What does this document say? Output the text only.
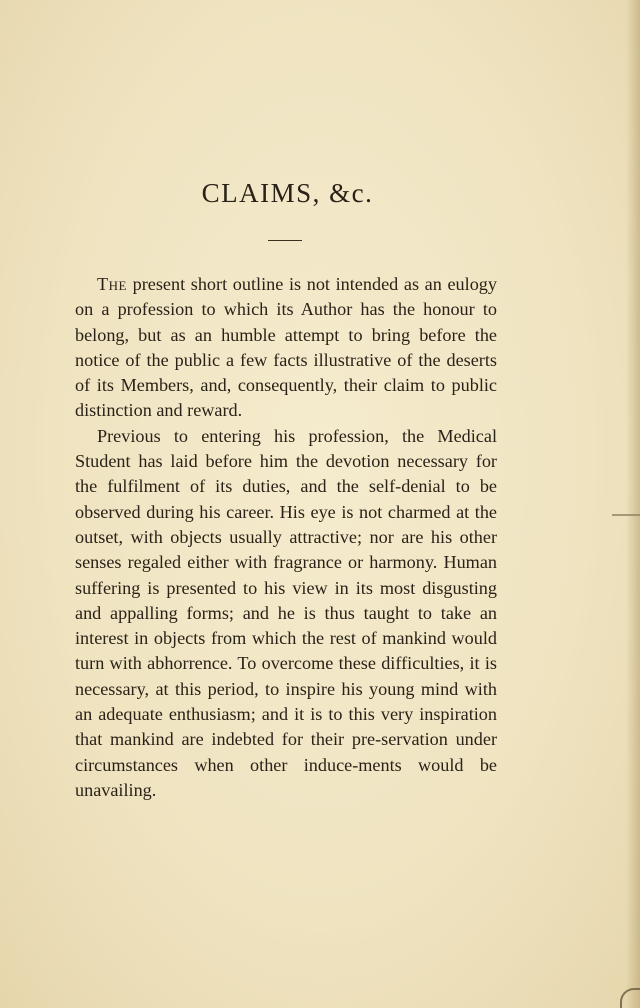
CLAIMS, &c.

The present short outline is not intended as an eulogy on a profession to which its Author has the honour to belong, but as an humble attempt to bring before the notice of the public a few facts illustrative of the deserts of its Members, and, consequently, their claim to public distinction and reward.

Previous to entering his profession, the Medical Student has laid before him the devotion necessary for the fulfilment of its duties, and the self-denial to be observed during his career. His eye is not charmed at the outset, with objects usually attractive; nor are his other senses regaled either with fragrance or harmony. Human suffering is presented to his view in its most disgusting and appalling forms; and he is thus taught to take an interest in objects from which the rest of mankind would turn with abhorrence. To overcome these difficulties, it is necessary, at this period, to inspire his young mind with an adequate enthusiasm; and it is to this very inspiration that mankind are indebted for their pre-servation under circumstances when other induce-ments would be unavailing.
